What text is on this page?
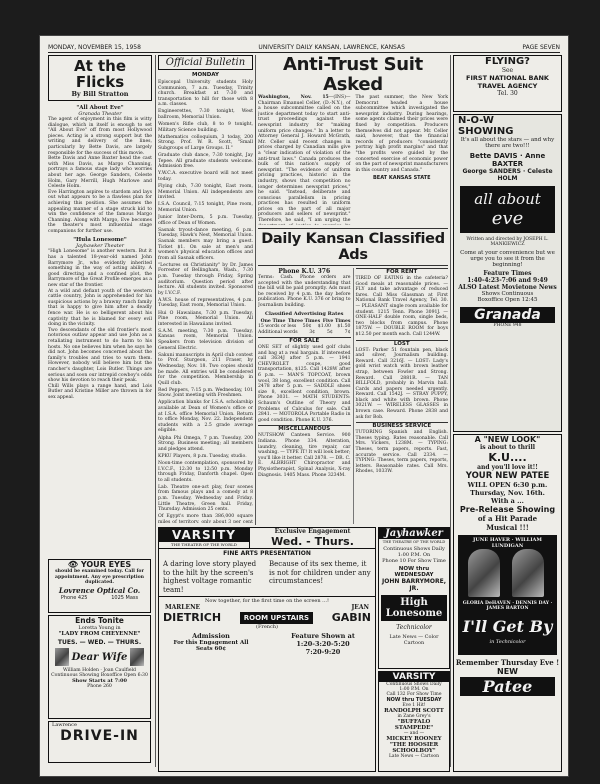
MONDAY, NOVEMBER 15, 1958	UNIVERSITY DAILY KANSAN, LAWRENCE, KANSAS	PAGE SEVEN
At the Flicks
By Bill Stratton
"All About Eve"
Granada Theater

The agent of enjoyment in this film is witty dialogue, which in itself is enough to set "All About Eve" off from most Hollywood pieces. Acting is a strong support but the writing and delivery of the lines, particularly by Bette Davis, are largely responsible for the success of this movie.

Bette Davis and Anne Baxter head the cast with Miss Davis, as Margo Channing, portrays a famous stage lady who worries about her age. George Sanders, Celeste Holm, Gary Merrill, Hugh Marlowe and Celeste Holm.

Eve Harrington aspires to stardom and lays out what appears to be a flawless plan for achieving this position. She assumes the appealing manner of a stage struck kid to win the confidence of the famous Margo Channing. Along with Margo, Eve becomes the theater's most influential stage companions for further use.

"Hula Lonesome"
Jayhawker Theater

"High Lonesome" is another western. But it has a talented 18-year-old named John Barrymore Jr., who evidently inherited something in the way of acting ability. A good directing and a confined plot, the Barrymore of the Great Profile emerges as a new star of the frontier.

At a wild and defiant youth of the western cattle country, John is apprehended for his suspicious actions by a brawny ranch family that is happy to give him after a deadly fence war. He is so belligerent about his captivity that he is blamed for every evil doing in the vicinity.

Two descendants of the old frontier's most notorious outlaw appear and use John as a retaliating instrument to do harm to his hosts. No one believes him when he says he did not. John becomes concerned about the family's troubles and tries to warn them. However, nobody will believe him but the rancher's daughter, Lois Butler. Things are serious and soon our intrepid cowboy's odds show his devotion to reach their peak.

Chill Wills plays a range hand, and Lois Butler and Kristine Miller are thrown in for sex appeal.

👁 YOUR EYES
should be examined today. Call for appointment. Any eye prescription duplicated.
Lovrence Optical Co.
Phone 425	1025 Mass
Ends Tonite
Loretta Young in
"LADY FROM CHEYENNE"
TUES. — WED. — THURS.
Dear Wife
William Holden · Joan Caulfield
Continuous Showing Boxoffice Open 6:30
Show Starts at 7:00
Phone 260
Lawrence
DRIVE-IN
Official Bulletin
MONDAY

Episcopal University students Holy Communion, 7 a.m. Tuesday, Trinity church. Breakfast at 7:30 and transportation to hill for those with 8 a.m. classes.

Engineerettes, 7:30 tonight, West ballroom, Memorial Union.

Women's Rifle club, 8 to 9 tonight, Military Science building.

Mathematics colloquium, 3 today, 200 Strong. Prof. W. R. Scott, "Small Subgroups of Large Groups. II."

Graduate club dance, 7:30 tonight, Jay Tepee. All graduate students welcome. Admission free.

Y.W.C.A. executive board will not meet today.

Flying club, 7:30 tonight, East room, Memorial Union. All independents are invited.

I.S.A. Council, 7:15 tonight, Pine room, Memorial Union.

Junior Inter-Dorm, 5 p.m. Tuesday, office of Dean of Women.

Sasnak tryout-dance meeting, 6 p.m. Tuesday, Hawk's Nest, Memorial Union. Sasnak members may bring a guest. Ticket $1. On sale at men's and women's physical education offices and from all Sasnak officers.

"Lectures on Christianity" by Dr. James Forrester of Bellingham, Wash., 7:30 p.m. Tuesday through Friday, Spring auditorium. Question period after lecture. All students invited. Sponsored by I.V.C.F.

A.W.S. house of representatives, 4 p.m. Tuesday, East room, Memorial Union.

Hui O Hawaiians, 7:30 p.m. Tuesday, Pine room, Memorial Union. All interested in Hawaiians invited.

S.A.M. meeting, 7:30 p.m. Tuesday, Kansas room, Memorial Union. Speakers from television division of General Electric.

Sakuni manuscripts in April club contest to Prof. Sturgeon, 211 Fraser, by Wednesday, Nov. 18. Two copies should be made. All entries will be considered for the competition. Membership in Quill club.

Red Peppers, 7:15 p.m. Wednesday, 101 Snow. Joint meeting with Freshmen.

Application blanks for I.S.A. scholarship available at Dean of Women's office or at I.S.A. office Memorial Union. Return to office Monday, Nov. 22. Independent students with a 2.5 grade average eligible.

Alpha Phi Omega, 7 p.m. Tuesday, 200 Strong. Business meeting; all members and pledges attend.

KPKU Players, 8 p.m. Tuesday, studio.

Noon-time contemplation, sponsored by I.V.C.F., 12:30 to 12:50 p.m. Monday through Friday, Danforth chapel. Open to all students.

Lab. Theatre one-act play, four scenes from famous plays and a comedy at 8 p.m. Tuesday, Wednesday and Friday. Little Theatre, Green hall. Friday, Thursday. Admission 25 cents.

Of Egypt's more than 386,000 square miles of territory, only about 3 per cent

VARSITY
THE THEATER OF THE WORLD
Exclusive Engagement
Wed. - Thurs.
FINE ARTS PRESENTATION
A daring love story played to the hilt by the screen's highest voltage romantic team!
Because of its sex theme, it is not for children under any circumstances!
Now together, for the first time on the screen ...!
MARLENE	JEAN
DIETRICH	ROOM UPSTAIRS	GABIN
(French)
Admission
For this Engagement All Seats 60¢
Feature Shown at
1:20-3:20-5:20
7:20-9:20
Anti-Trust Suit Asked

Washington, Nov. 15—(INS)—Chairman Emanuel Celler, (D.-N.Y.), of a house subcommittee called on the justice department today to start anti-trust proceedings against the newsprint industry for "making uniform price changes." In a letter to Attorney General J. Howard McGrath, Mr. Celler said recent changes in prices charged by Canadian mills give a "clear indication of violation of the anti-trust laws." Canada produces the bulk of this nation's supply of newsprint. "The evidence of uniform pricing practices, historic in the industry, shows that competition no longer determines newsprint prices," he said. "Instead, deliberate and conscious parallelism in pricing practices has resulted in uniform prices on the part of all major producers and sellers of newsprint." Therefore, he said, "I am urging the

The past summer, the New York Democrat headed a house subcommittee which investigated the newsprint industry. During hearings, some agents claimed their prices were fixed by competition. Producers themselves did not appear. Mr. Celler said, however, that the financial records of producers "consistently portray high profit margins" and that "the profits were guided by the concerted exercise of economic power on the part of newsprint manufacturers in this country and Canada."

BEAT KANSAS STATE
Daily Kansan Classified Ads
Phone K.U. 376

Terms: Cash. Phone orders are accepted with the understanding that the bill will be paid promptly. Ads must be received by 4 p.m. the day before publication. Phone K.U. 376 or bring to Journalism building.

Classified Advertising Rates
One Time Three Times Five Times
15 words or less 50¢ $1.00 $1.50
Additional words	3¢	5¢	7¢
FOR SALE

ONE SET of slightly used golf clubs and bag at a real bargain. If interested call 3634J after 5 p.m. — 1941 CHEVROLET coupe, good transportation, $125. Call 1428W after 6 p.m. — MAN'S TOPCOAT, brown wool, 38 long, excellent condition. Call 2478 after 5 p.m. — SADDLE shoes size 8, excellent condition, brown. Phone 3031. — MATH STUDENTS: Schaum's Outline of Theory and Problems of Calculus for sale. Call 2841. — MOTOROLA Portable Radio in good condition. Phone K.U. 376.

MISCELLANEOUS

NUTSHOW Canteen Service. 900 Indiana. Phone 334. Alteration, laundry, cleaning, tire repair, car washing. — TYPE IT! It will look better; you'll like it better. Call 2878. — DR. C. E. ALBRIGHT Chiropractor and Physiotherapist, Spinal Analysis, X-ray Diagnosis. 1405 Mass. Phone 3234M.

FOR RENT

TIRED OF EATING in the cafeteria? Good meals at reasonable prices. — FLY and take advantage of reduced fares. Call Miss Glassman at First National Bank Travel Agency, Tel. 30. — PLEASANT single room available for student. 1215 Tenn. Phone 3091J. — ONE-HALF double room, single beds, two blocks from campus. Phone 1875W. — DOUBLE ROOM for boys $12.50 per month each. Call 1244W.

LOST

LOST: Parker 51 fountain pen, black and silver, Journalism building. Reward. Call 3216J. — LOST: Lady's gold wrist watch with brown leather strap, between Fowler and Strong. Reward. Call 2881R. — TAN BILLFOLD, probably in Marvin hall. Cards and papers needed urgently. Reward. Call 1542J. — STRAY PUPPY, black and white with brown. Phone 3021W. — WIRELESS GLASSES in brown case. Reward. Phone 2838 and ask for Bob.

BUSINESS SERVICE

TUTORING Spanish and English. Theses typing. Rates reasonable. Call Mrs. Vickers, 1238M. — TYPING: Theses, term papers, reports. Fast, accurate service. Call 2334. — TYPING: Theses, term papers, reports, letters. Reasonable rates. Call Mrs. Rhodes, 1033W.

Jayhawker
THE THEATRE OF THE WORLD
Continuous Shows Daily
1:00 P.M. On
Phone 10 For Show Time
NOW thru WEDNESDAY
JOHN BARRYMORE, JR.
High Lonesome
Technicolor
Late News — Color Cartoon
VARSITY
Continuous Shows Daily
1:00 P.M. On
Call 132 For Show Time
NOW thru TUESDAY
Eve 1 Hit!
RANDOLPH SCOTT
in Zane Grey's
"BUFFALO STAMPEDE"
— and —
MICKEY ROONEY
"THE HOOSIER SCHOOLBOY"
Late News — Cartoon
FLYING?
See
FIRST NATIONAL BANK TRAVEL AGENCY
Tel. 30
N-O-W
SHOWING
It's all about the stars — and why there are two!!!
Bette DAVIS · Anne BAXTER
George SANDERS · Celeste HOLM
all about
eve
Written and directed by JOSEPH L. MANKIEWICZ
Come at your convenience but we urge you to see it from the beginning!
Feature Times
1:40-4:23-7:06 and 9:49
ALSO Latest Movietone News
Shows Continuous
Boxoffice Open 12:45
Granada
PHONE 948
A "NEW LOOK"
is about to thrill
K.U....
and you'll love it!!
YOUR NEW PATEE
WILL OPEN 6:30 p.m.
Thursday, Nov. 16th.
With a ...
Pre-Release Showing
of a Hit Parade
Musical !!!
JUNE HAVER · WILLIAM LUNDIGAN
GLORIA DeHAVEN · DENNIS DAY · JAMES BARTON
I'll Get By
in Technicolor
Remember Thursday Eve !
NEW
Patee
